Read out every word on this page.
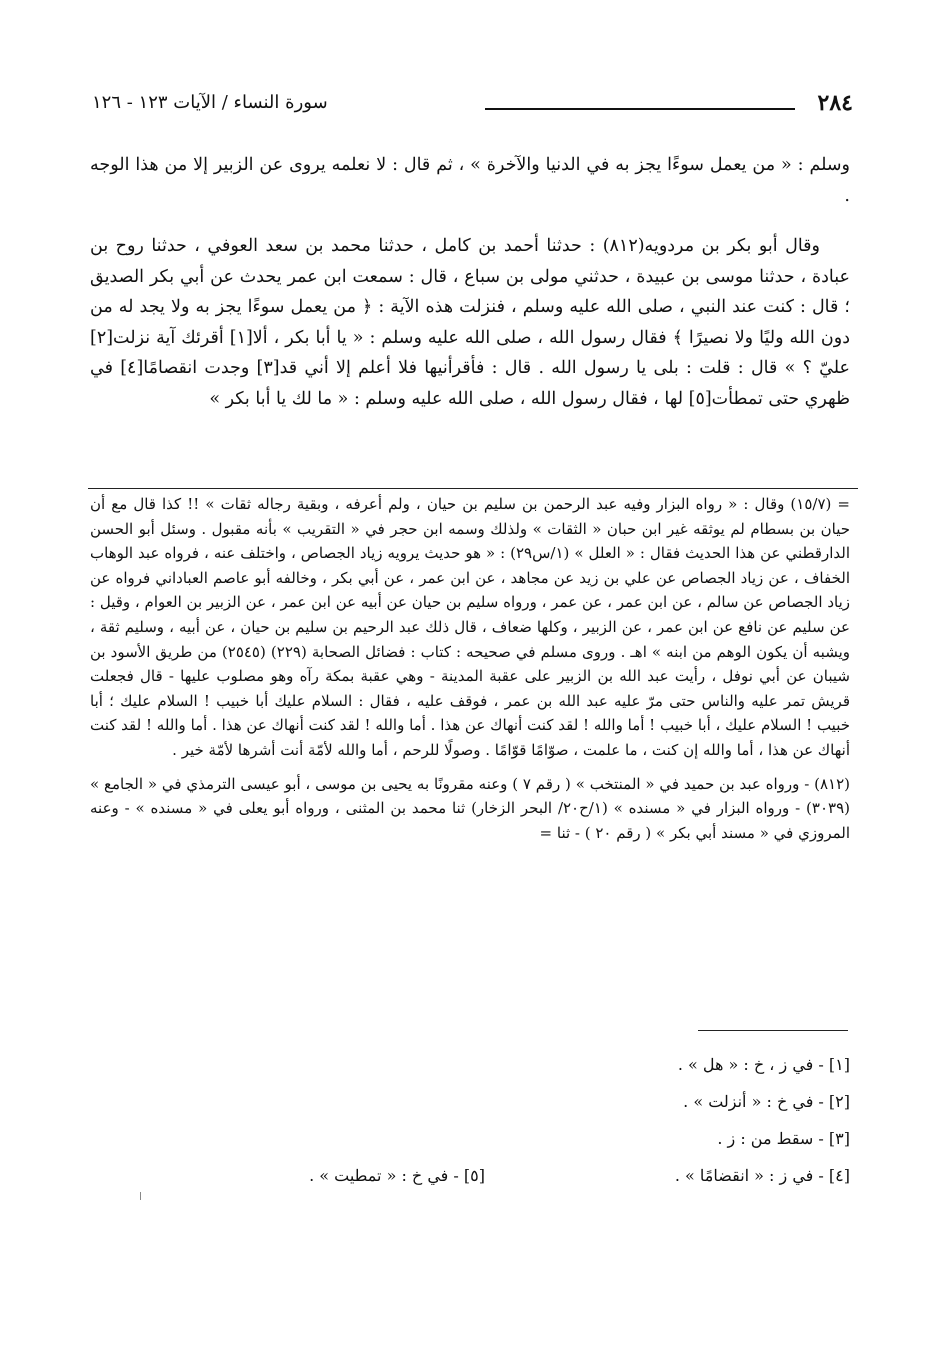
٢٨٤
سورة النساء / الآيات ١٢٣ - ١٢٦

وسلم : « من يعمل سوءًا يجز به في الدنيا والآخرة » ، ثم قال : لا نعلمه يروى عن الزبير إلا من هذا الوجه .

وقال أبو بكر بن مردويه(٨١٢) : حدثنا أحمد بن كامل ، حدثنا محمد بن سعد العوفي ، حدثنا روح بن عبادة ، حدثنا موسى بن عبيدة ، حدثني مولى بن سباع ، قال : سمعت ابن عمر يحدث عن أبي بكر الصديق ؛ قال : كنت عند النبي ، صلى الله عليه وسلم ، فنزلت هذه الآية : ﴿ من يعمل سوءًا يجز به ولا يجد له من دون الله وليًا ولا نصيرًا ﴾ فقال رسول الله ، صلى الله عليه وسلم : « يا أبا بكر ، ألا[١] أقرئك آية نزلت[٢] عليّ ؟ » قال : قلت : بلى يا رسول الله . قال : فأقرأنيها فلا أعلم إلا أني قد[٣] وجدت انقصامًا[٤] في ظهري حتى تمطأت[٥] لها ، فقال رسول الله ، صلى الله عليه وسلم : « ما لك يا أبا بكر »

= (١٥/٧) وقال : « رواه البزار وفيه عبد الرحمن بن سليم بن حيان ، ولم أعرفه ، وبقية رجاله ثقات » !! كذا قال مع أن حيان بن بسطام لم يوثقه غير ابن حبان « الثقات » ولذلك وسمه ابن حجر في « التقريب » بأنه مقبول . وسئل أبو الحسن الدارقطني عن هذا الحديث فقال : « العلل » (١/س٢٩) : « هو حديث يرويه زياد الجصاص ، واختلف عنه ، فرواه عبد الوهاب الخفاف ، عن زياد الجصاص عن علي بن زيد عن مجاهد ، عن ابن عمر ، عن أبي بكر ، وخالفه أبو عاصم العباداني فرواه عن زياد الجصاص عن سالم ، عن ابن عمر ، عن عمر ، ورواه سليم بن حيان عن أبيه عن ابن عمر ، عن الزبير بن العوام ، وقيل : عن سليم عن نافع عن ابن عمر ، عن الزبير ، وكلها ضعاف ، قال ذلك عبد الرحيم بن سليم بن حيان ، عن أبيه ، وسليم ثقة ، ويشبه أن يكون الوهم من ابنه » اهـ . وروى مسلم في صحيحه : كتاب : فضائل الصحابة (٢٢٩) (٢٥٤٥) من طريق الأسود بن شيبان عن أبي نوفل ، رأيت عبد الله بن الزبير على عقبة المدينة - وهي عقبة بمكة رآه وهو مصلوب عليها - قال فجعلت قريش تمر عليه والناس حتى مرّ عليه عبد الله بن عمر ، فوقف عليه ، فقال : السلام عليك أبا خبيب ! السلام عليك ؛ أبا خبيب ! السلام عليك ، أبا خبيب ! أما والله ! لقد كنت أنهاك عن هذا . أما والله ! لقد كنت أنهاك عن هذا . أما والله ! لقد كنت أنهاك عن هذا ، أما والله إن كنت ، ما علمت ، صوّامًا قوّامًا . وصولًا للرحم ، أما والله لأمّة أنت أشرها لأمّة خير .

(٨١٢) - ورواه عبد بن حميد في « المنتخب » ( رقم ٧ ) وعنه مقرونًا به يحيى بن موسى ، أبو عيسى الترمذي في « الجامع » (٣٠٣٩) - ورواه البزار في « مسنده » (١/ح٢٠/ البحر الزخار) ثنا محمد بن المثنى ، ورواه أبو يعلى في « مسنده » - وعنه المروزي في « مسند أبي بكر » ( رقم ٢٠ ) - ثنا =

[١] - في ز ، خ : « هل » .
[٢] - في خ : « أنزلت » .
[٣] - سقط من : ز .
[٤] - في ز : « انقضامًا » .
[٥] - في خ : « تمطيت » .
